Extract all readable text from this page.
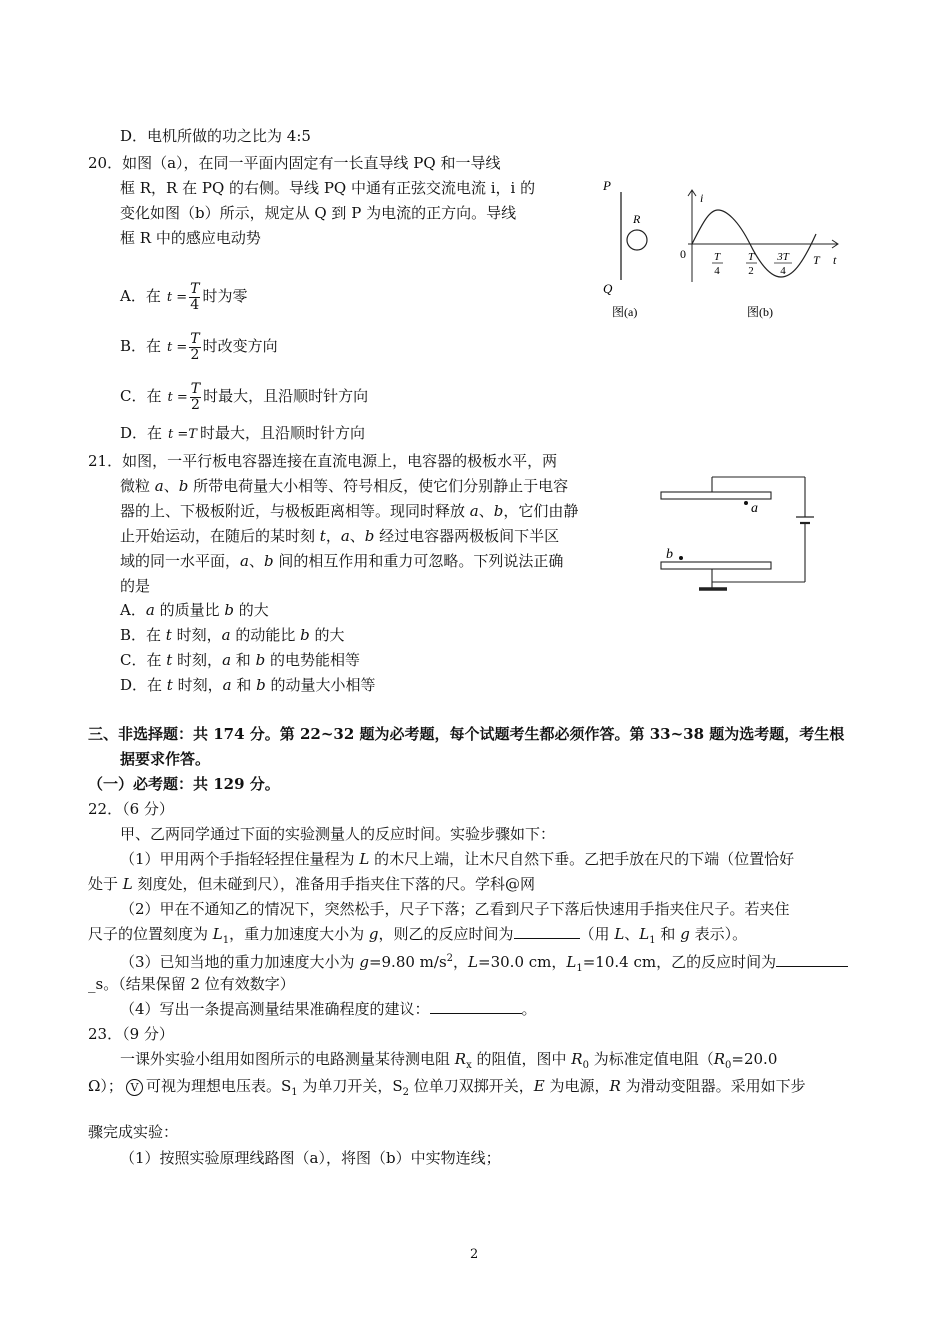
D．电机所做的功之比为 4:5
20．如图（a），在同一平面内固定有一长直导线 PQ 和一导线
框 R，R 在 PQ 的右侧。导线 PQ 中通有正弦交流电流 i，i 的
变化如图（b）所示，规定从 Q 到 P 为电流的正方向。导线
框 R 中的感应电动势
A．在 $t = \frac{T}{4}$ 时为零
B．在 $t = \frac{T}{2}$ 时改变方向
C．在 $t = \frac{T}{2}$ 时最大，且沿顺时针方向
D．在 t =T 时最大，且沿顺时针方向
P
Q
R
图(a)
i
0	T
4
T
2
3T
4
T t
图(b)
21．如图，一平行板电容器连接在直流电源上，电容器的极板水平，两
微粒 a、b 所带电荷量大小相等、符号相反，使它们分别静止于电容
器的上、下极板附近，与极板距离相等。现同时释放 a、b，它们由静
止开始运动，在随后的某时刻 t，a、b 经过电容器两极板间下半区
域的同一水平面，a、b 间的相互作用和重力可忽略。下列说法正确
的是
A．a 的质量比 b 的大
B．在 t 时刻，a 的动能比 b 的大
C．在 t 时刻，a 和 b 的电势能相等
D．在 t 时刻，a 和 b 的动量大小相等
a
b
三、非选择题：共 174 分。第 22~32 题为必考题，每个试题考生都必须作答。第 33~38 题为选考题，考生根
据要求作答。
（一）必考题：共 129 分。
22．（6 分）
甲、乙两同学通过下面的实验测量人的反应时间。实验步骤如下：
（1）甲用两个手指轻轻捏住量程为 L 的木尺上端，让木尺自然下垂。乙把手放在尺的下端（位置恰好
处于 L 刻度处，但未碰到尺），准备用手指夹住下落的尺。学科@网
（2）甲在不通知乙的情况下，突然松手，尺子下落；乙看到尺子下落后快速用手指夹住尺子。若夹住
尺子的位置刻度为 $L_1$，重力加速度大小为 g，则乙的反应时间为	（用 L、$L_1$ 和 g 表示）。
（3）已知当地的重力加速度大小为 g=9.80 $m/s^2$，L=30.0 cm，$L_1=10.4$ cm，乙的反应时间为
_s。（结果保留 2 位有效数字）
（4）写出一条提高测量结果准确程度的建议：	。
23．（9 分）
一课外实验小组用如图所示的电路测量某待测电阻 $R_x$ 的阻值，图中 $R_0$ 为标准定值电阻（$R_0=20.0$
Ω）； V 可视为理想电压表。$S_1$ 为单刀开关，$S_2$ 位单刀双掷开关，E 为电源，R 为滑动变阻器。采用如下步
骤完成实验：
（1）按照实验原理线路图（a），将图（b）中实物连线；
2
